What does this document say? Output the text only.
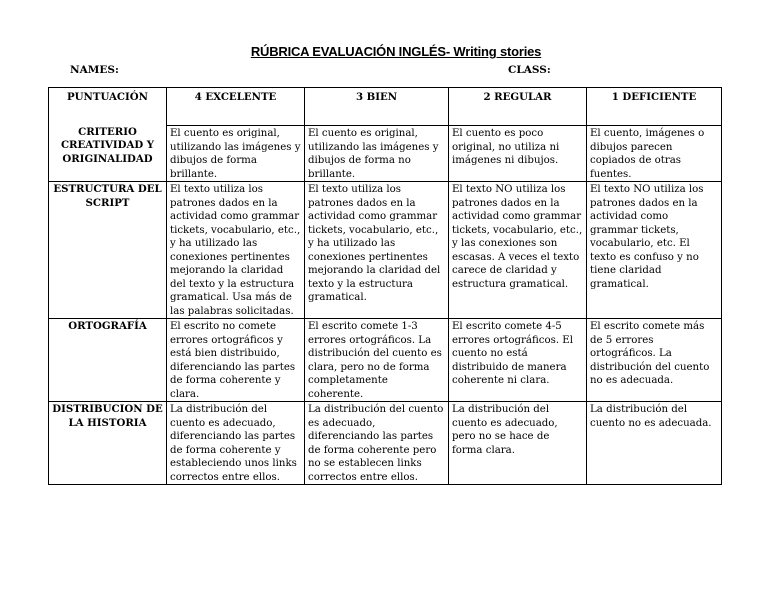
RÚBRICA EVALUACIÓN INGLÉS- Writing stories
NAMES:	CLASS:
PUNTUACIÓN	4 EXCELENTE	3 BIEN	2 REGULAR	1 DEFICIENTE

CRITERIO
CREATIVIDAD Y ORIGINALIDAD	El cuento es original, utilizando las imágenes y dibujos de forma brillante.	El cuento es original, utilizando las imágenes y dibujos de forma no brillante.	El cuento es poco original, no utiliza ni imágenes ni dibujos.	El cuento, imágenes o dibujos parecen copiados de otras fuentes.

ESTRUCTURA DEL SCRIPT	El texto utiliza los patrones dados en la actividad como grammar tickets, vocabulario, etc., y ha utilizado las conexiones pertinentes mejorando la claridad del texto y la estructura gramatical. Usa más de las palabras solicitadas.	El texto utiliza los patrones dados en la actividad como grammar tickets, vocabulario, etc., y ha utilizado las conexiones pertinentes mejorando la claridad del texto y la estructura gramatical.	El texto NO utiliza los patrones dados en la actividad como grammar tickets, vocabulario, etc., y las conexiones son escasas. A veces el texto carece de claridad y estructura gramatical.	El texto NO utiliza los patrones dados en la actividad como grammar tickets, vocabulario, etc. El texto es confuso y no tiene claridad gramatical.

ORTOGRAFÍA	El escrito no comete errores ortográficos y está bien distribuido, diferenciando las partes de forma coherente y clara.	El escrito comete 1-3 errores ortográficos. La distribución del cuento es clara, pero no de forma completamente coherente.	El escrito comete 4-5 errores ortográficos. El cuento no está distribuido de manera coherente ni clara.	El escrito comete más de 5 errores ortográficos. La distribución del cuento no es adecuada.

DISTRIBUCION DE LA HISTORIA	La distribución del cuento es adecuado, diferenciando las partes de forma coherente y estableciendo unos links correctos entre ellos.	La distribución del cuento es adecuado, diferenciando las partes de forma coherente pero no se establecen links correctos entre ellos.	La distribución del cuento es adecuado, pero no se hace de forma clara.	La distribución del cuento no es adecuada.
